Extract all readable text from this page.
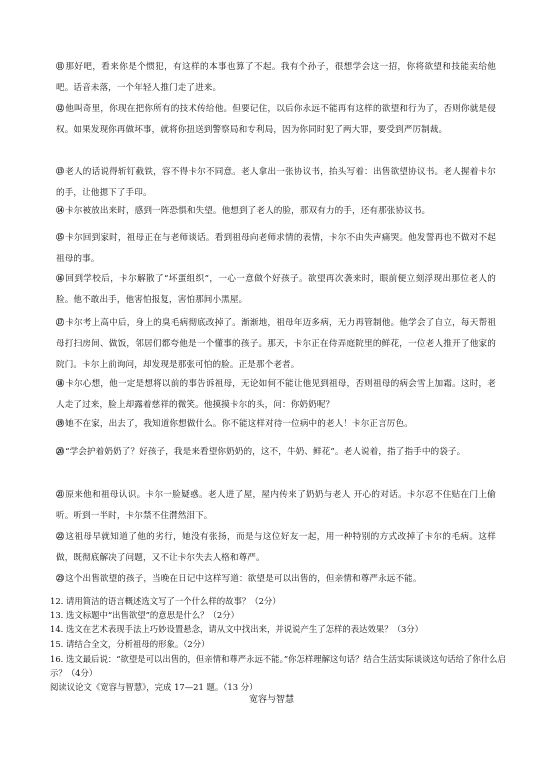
⑪那好吧，看来你是个惯犯，有这样的本事也算了不起。我有个孙子，很想学会这一招，你将欲望和技能卖给他吧。话音未落，一个年轻人推门走了进来。
⑫他叫奇里，你现在把你所有的技术传给他。但要记住，以后你永远不能再有这样的欲望和行为了，否则你就是侵权。如果发现你再做坏事，就将你扭送到警察局和专利局，因为你同时犯了两大罪，要受到严厉制裁。
⑬老人的话说得斩钉截铁，容不得卡尔不同意。老人拿出一张协议书，抬头写着：出售欲望协议书。老人握着卡尔的手，让他摁下了手印。
⑭卡尔被放出来时，感到一阵恐惧和失望。他想到了老人的脸，那双有力的手，还有那张协议书。
⑮卡尔回到家时，祖母正在与老师谈话。看到祖母向老师求情的表情，卡尔不由失声痛哭。他发誓再也不做对不起祖母的事。
⑯回到学校后，卡尔解散了“坏蛋组织”，一心一意做个好孩子。欲望再次袭来时，眼前便立刻浮现出那位老人的脸。他不敢出手，他害怕报复，害怕那间小黑屋。
⑰卡尔考上高中后，身上的臭毛病彻底改掉了。渐渐地，祖母年迈多病，无力再管制他。他学会了自立，每天帮祖母打扫房间、做饭，邻居们都夸他是一个懂事的孩子。那天，卡尔正在侍弄庭院里的鲜花，一位老人推开了他家的院门。卡尔上前询问，却发现是那张可怕的脸。正是那个老者。
⑱卡尔心想，他一定是想将以前的事告诉祖母，无论如何不能让他见到祖母，否则祖母的病会雪上加霜。这时，老人走了过来，脸上却露着慈祥的微笑。他摸摸卡尔的头，问：你奶奶呢？
⑲她不在家，出去了，我知道你想做什么。你不能这样对待一位病中的老人！卡尔正言厉色。
⑳“学会护着奶奶了？好孩子，我是来看望你奶奶的，这不，牛奶、鲜花”。老人说着，指了指手中的袋子。
㉑原来他和祖母认识。卡尔一脸疑惑。老人进了屋，屋内传来了奶奶与老人 开心的对话。卡尔忍不住贴在门上偷听。听到一半时，卡尔禁不住潸然泪下。
㉒这祖母早就知道了他的劣行，她没有张扬，而是与这位好友一起，用一种特别的方式改掉了卡尔的毛病。这样做，既彻底解决了问题，又不让卡尔失去人格和尊严。
㉓这个出售欲望的孩子，当晚在日记中这样写道：欲望是可以出售的，但亲情和尊严永远不能。
12. 请用简洁的语言概述选文写了一个什么样的故事？（2分）
13. 选文标题中“出售欲望”的意思是什么？（2分）
14. 选文在艺术表现手法上巧妙设置悬念，请从文中找出来，并说说产生了怎样的表达效果？（3分）
15. 请结合全文，分析祖母的形象。（2分）
16. 选文最后说：“欲望是可以出售的，但亲情和尊严永远不能。”你怎样理解这句话？结合生活实际谈谈这句话给了你什么启示？（4分）
阅读议论文《宽容与智慧》，完成 17—21 题。（13 分）
宽容与智慧
